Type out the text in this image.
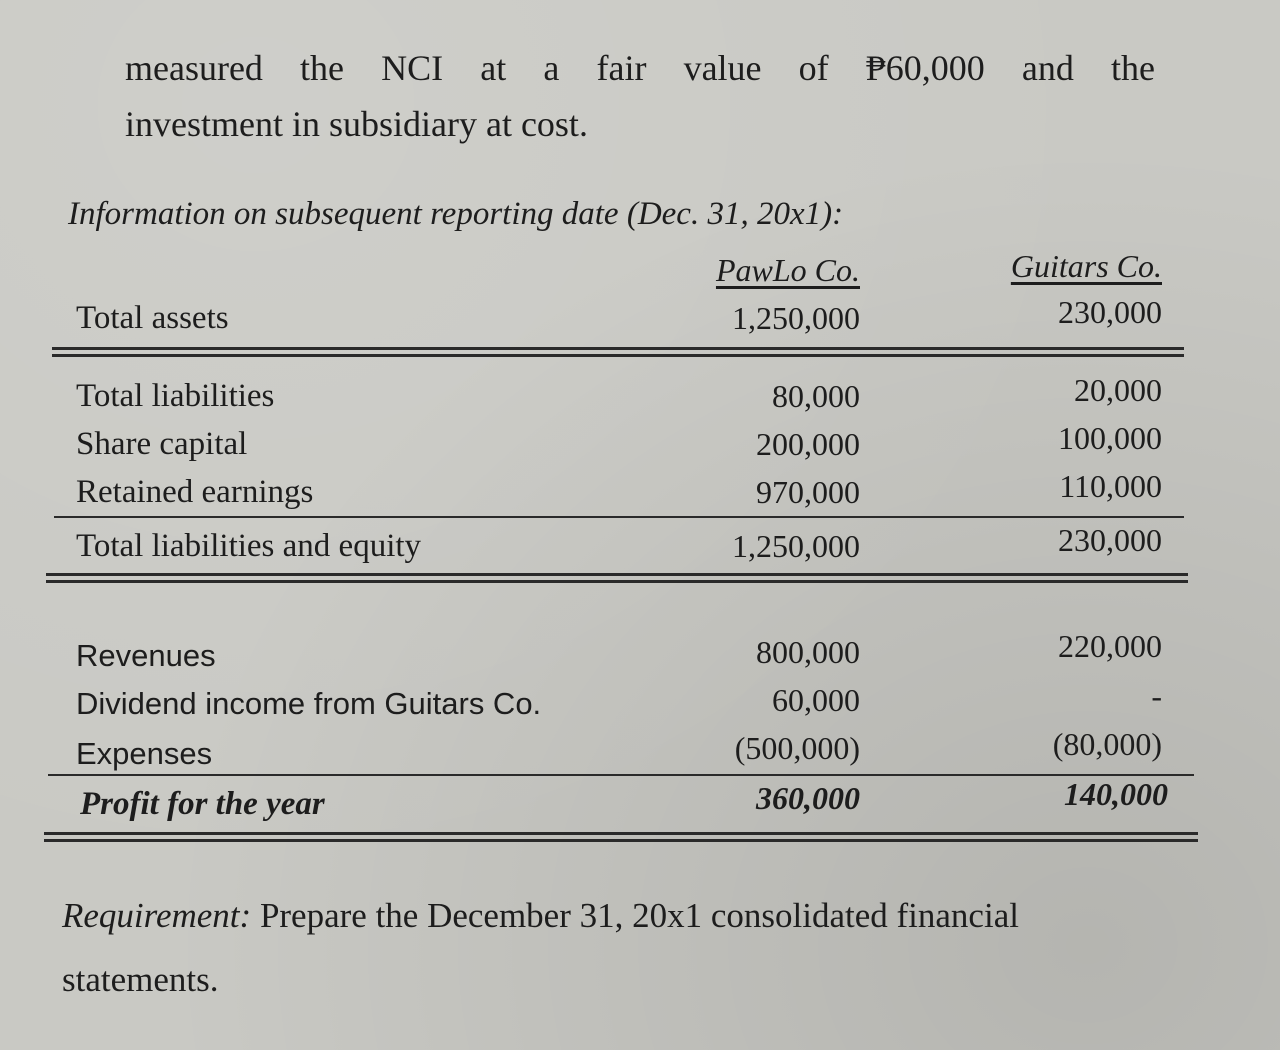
measured the NCI at a fair value of ₱60,000 and the
investment in subsidiary at cost.
Information on subsequent reporting date (Dec. 31, 20x1):
PawLo Co.	Guitars Co.
Total assets	1,250,000	230,000
Total liabilities	80,000	20,000
Share capital	200,000	100,000
Retained earnings	970,000	110,000
Total liabilities and equity	1,250,000	230,000
Revenues	800,000	220,000
Dividend income from Guitars Co.	60,000	-
Expenses	(500,000)	(80,000)
Profit for the year	360,000	140,000
Requirement: Prepare the December 31, 20x1 consolidated financial statements.
